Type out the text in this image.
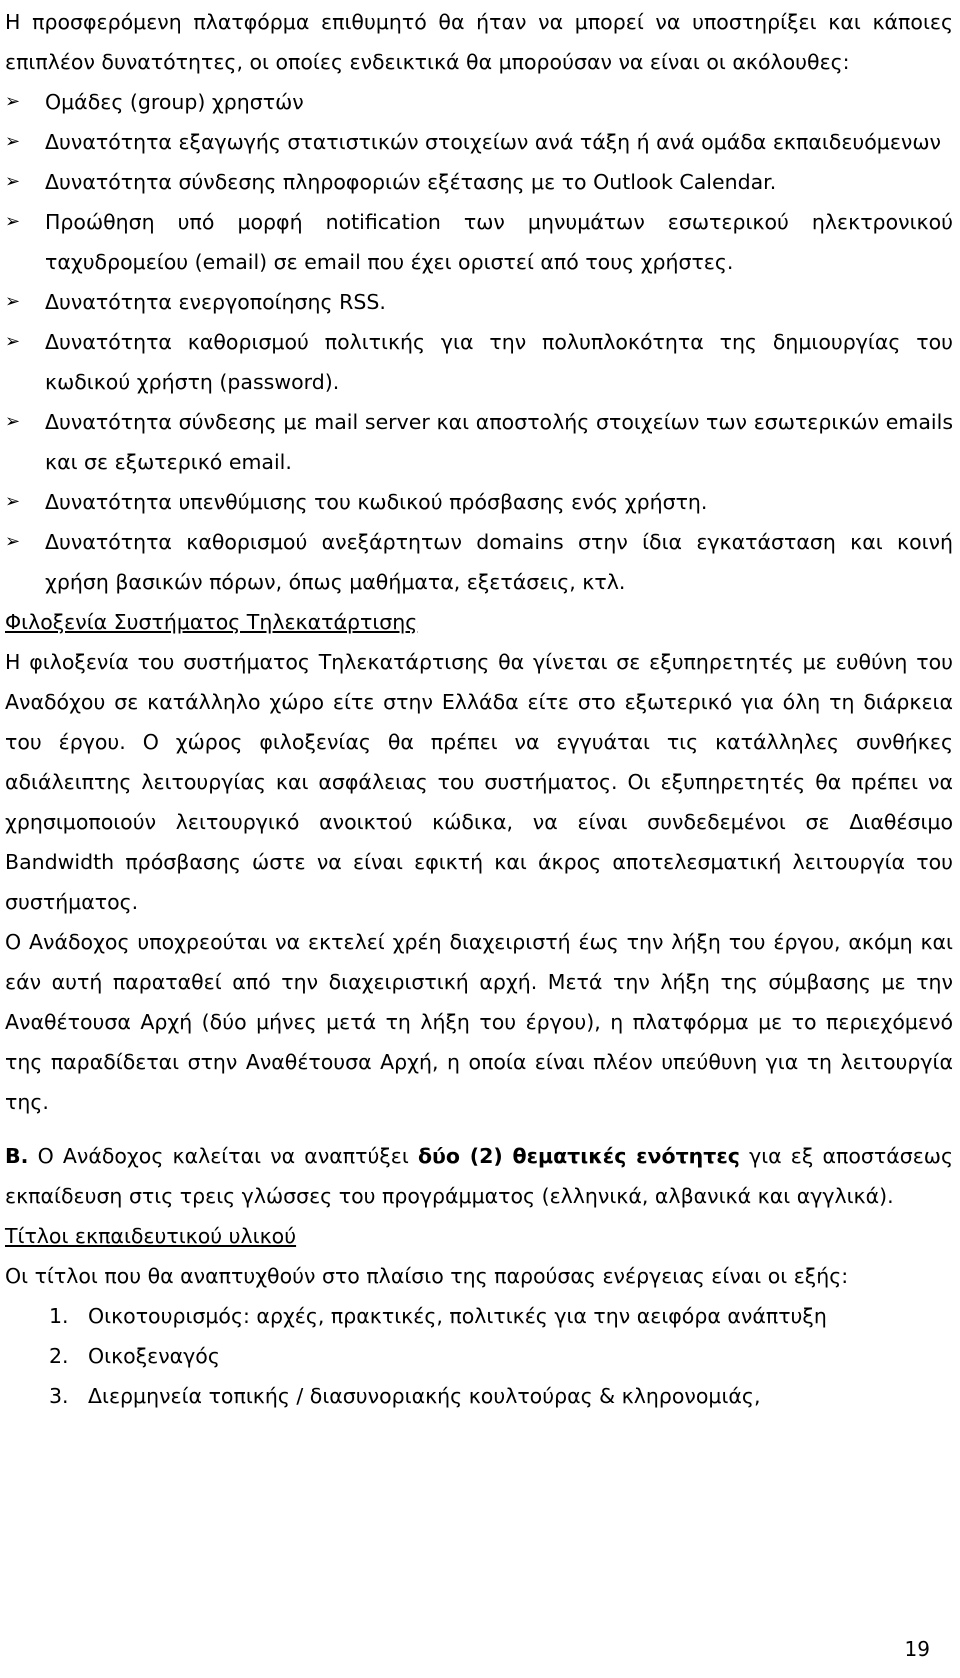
Η προσφερόμενη πλατφόρμα επιθυμητό θα ήταν να μπορεί να υποστηρίξει και κάποιες επιπλέον δυνατότητες, οι οποίες ενδεικτικά θα μπορούσαν να είναι οι ακόλουθες:

➢ Ομάδες (group) χρηστών
➢ Δυνατότητα εξαγωγής στατιστικών στοιχείων ανά τάξη ή ανά ομάδα εκπαιδευόμενων
➢ Δυνατότητα σύνδεσης πληροφοριών εξέτασης με το Outlook Calendar.
➢ Προώθηση υπό μορφή notification των μηνυμάτων εσωτερικού ηλεκτρονικού ταχυδρομείου (email) σε email που έχει οριστεί από τους χρήστες.
➢ Δυνατότητα ενεργοποίησης RSS.
➢ Δυνατότητα καθορισμού πολιτικής για την πολυπλοκότητα της δημιουργίας του κωδικού χρήστη (password).
➢ Δυνατότητα σύνδεσης με mail server και αποστολής στοιχείων των εσωτερικών emails και σε εξωτερικό email.
➢ Δυνατότητα υπενθύμισης του κωδικού πρόσβασης ενός χρήστη.
➢ Δυνατότητα καθορισμού ανεξάρτητων domains στην ίδια εγκατάσταση και κοινή χρήση βασικών πόρων, όπως μαθήματα, εξετάσεις, κτλ.

Φιλοξενία Συστήματος Τηλεκατάρτισης

Η φιλοξενία του συστήματος Τηλεκατάρτισης θα γίνεται σε εξυπηρετητές με ευθύνη του Αναδόχου σε κατάλληλο χώρο είτε στην Ελλάδα είτε στο εξωτερικό για όλη τη διάρκεια του έργου. Ο χώρος φιλοξενίας θα πρέπει να εγγυάται τις κατάλληλες συνθήκες αδιάλειπτης λειτουργίας και ασφάλειας του συστήματος. Οι εξυπηρετητές θα πρέπει να χρησιμοποιούν λειτουργικό ανοικτού κώδικα, να είναι συνδεδεμένοι σε Διαθέσιμο Bandwidth πρόσβασης ώστε να είναι εφικτή και άκρος αποτελεσματική λειτουργία του συστήματος.

Ο Ανάδοχος υποχρεούται να εκτελεί χρέη διαχειριστή έως την λήξη του έργου, ακόμη και εάν αυτή παραταθεί από την διαχειριστική αρχή. Μετά την λήξη της σύμβασης με την Αναθέτουσα Αρχή (δύο μήνες μετά τη λήξη του έργου), η πλατφόρμα με το περιεχόμενό της παραδίδεται στην Αναθέτουσα Αρχή, η οποία είναι πλέον υπεύθυνη για τη λειτουργία της.

Β. Ο Ανάδοχος καλείται να αναπτύξει δύο (2) θεματικές ενότητες για εξ αποστάσεως εκπαίδευση στις τρεις γλώσσες του προγράμματος (ελληνικά, αλβανικά και αγγλικά).

Τίτλοι εκπαιδευτικού υλικού

Οι τίτλοι που θα αναπτυχθούν στο πλαίσιο της παρούσας ενέργειας είναι οι εξής:

1. Οικοτουρισμός: αρχές, πρακτικές, πολιτικές για την αειφόρα ανάπτυξη
2. Οικοξεναγός
3. Διερμηνεία τοπικής / διασυνοριακής κουλτούρας & κληρονομιάς,
19
